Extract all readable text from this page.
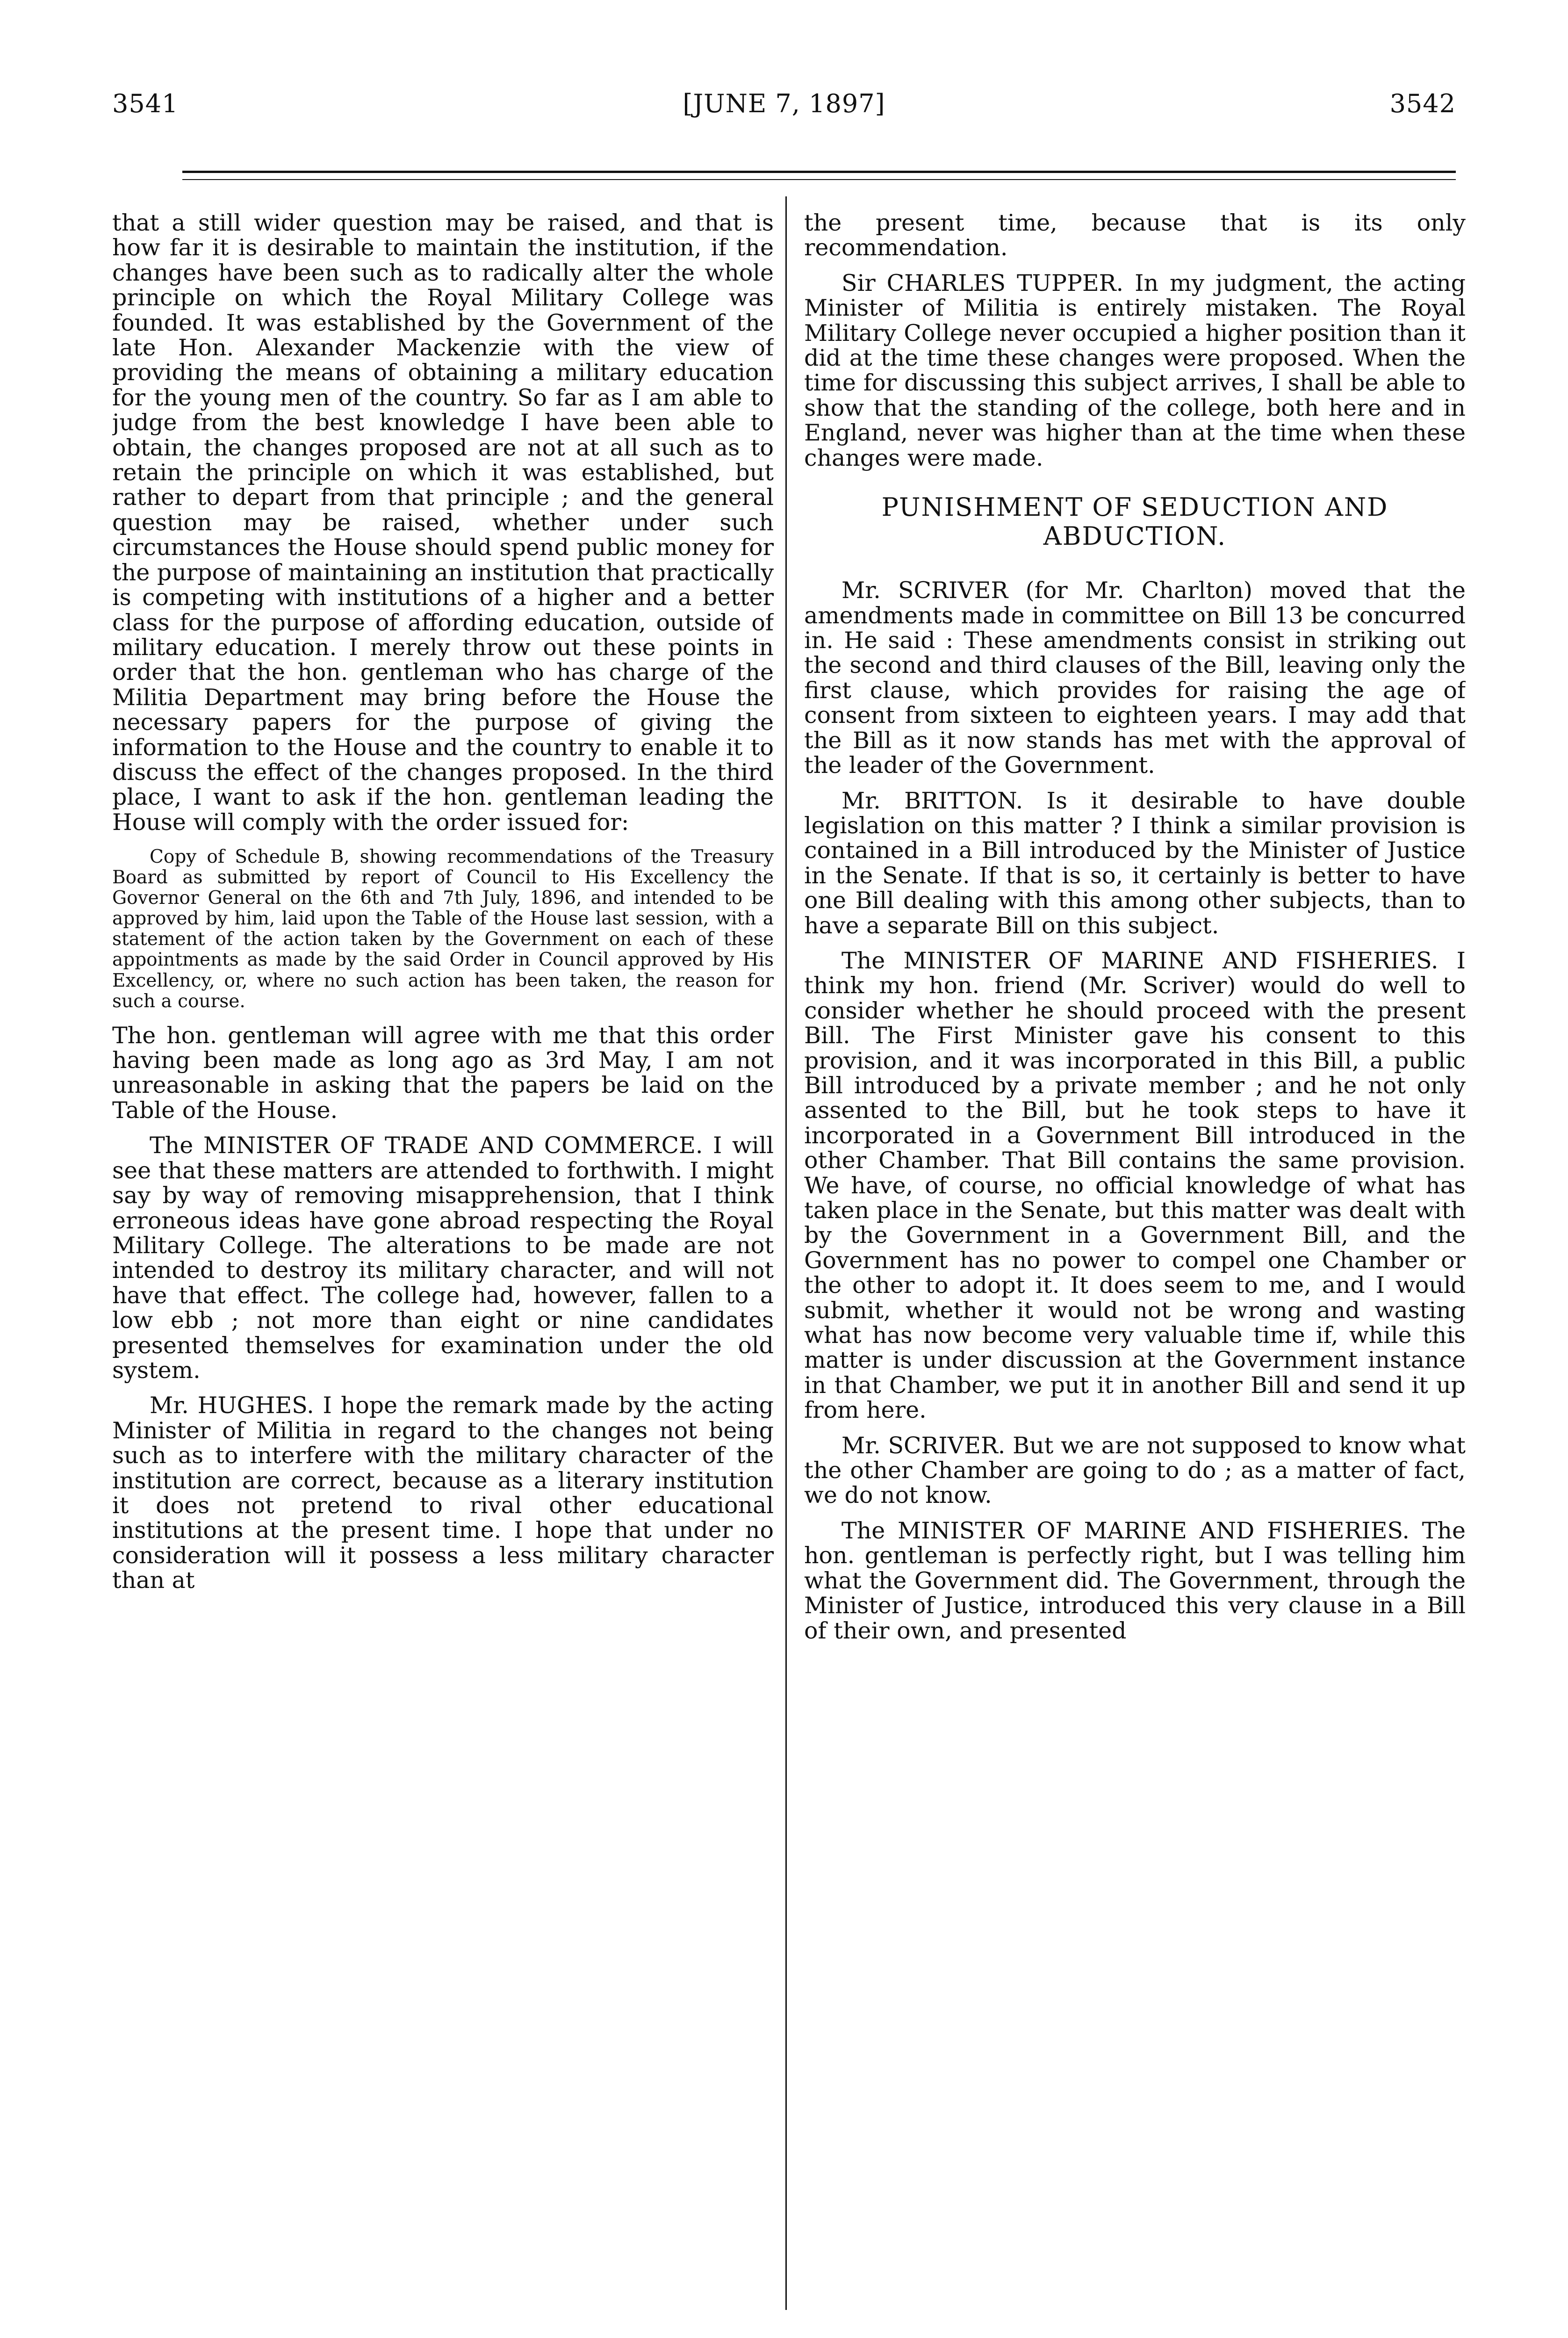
3541	[JUNE 7, 1897]	3542

that a still wider question may be raised, and that is how far it is desirable to maintain the institution, if the changes have been such as to radically alter the whole principle on which the Royal Military College was founded. It was established by the Government of the late Hon. Alexander Mackenzie with the view of providing the means of obtaining a military education for the young men of the country. So far as I am able to judge from the best knowledge I have been able to obtain, the changes proposed are not at all such as to retain the principle on which it was established, but rather to depart from that principle ; and the general question may be raised, whether under such circumstances the House should spend public money for the purpose of maintaining an institution that practically is competing with institutions of a higher and a better class for the purpose of affording education, outside of military education. I merely throw out these points in order that the hon. gentleman who has charge of the Militia Department may bring before the House the necessary papers for the purpose of giving the information to the House and the country to enable it to discuss the effect of the changes proposed. In the third place, I want to ask if the hon. gentleman leading the House will comply with the order issued for:

Copy of Schedule B, showing recommendations of the Treasury Board as submitted by report of Council to His Excellency the Governor General on the 6th and 7th July, 1896, and intended to be approved by him, laid upon the Table of the House last session, with a statement of the action taken by the Government on each of these appointments as made by the said Order in Council approved by His Excellency, or, where no such action has been taken, the reason for such a course.

The hon. gentleman will agree with me that this order having been made as long ago as 3rd May, I am not unreasonable in asking that the papers be laid on the Table of the House.

The MINISTER OF TRADE AND COMMERCE. I will see that these matters are attended to forthwith. I might say by way of removing misapprehension, that I think erroneous ideas have gone abroad respecting the Royal Military College. The alterations to be made are not intended to destroy its military character, and will not have that effect. The college had, however, fallen to a low ebb ; not more than eight or nine candidates presented themselves for examination under the old system.

Mr. HUGHES. I hope the remark made by the acting Minister of Militia in regard to the changes not being such as to interfere with the military character of the institution are correct, because as a literary institution it does not pretend to rival other educational institutions at the present time. I hope that under no consideration will it possess a less military character than at

the present time, because that is its only recommendation.

Sir CHARLES TUPPER. In my judgment, the acting Minister of Militia is entirely mistaken. The Royal Military College never occupied a higher position than it did at the time these changes were proposed. When the time for discussing this subject arrives, I shall be able to show that the standing of the college, both here and in England, never was higher than at the time when these changes were made.

PUNISHMENT OF SEDUCTION AND ABDUCTION.

Mr. SCRIVER (for Mr. Charlton) moved that the amendments made in committee on Bill 13 be concurred in. He said : These amendments consist in striking out the second and third clauses of the Bill, leaving only the first clause, which provides for raising the age of consent from sixteen to eighteen years. I may add that the Bill as it now stands has met with the approval of the leader of the Government.

Mr. BRITTON. Is it desirable to have double legislation on this matter ? I think a similar provision is contained in a Bill introduced by the Minister of Justice in the Senate. If that is so, it certainly is better to have one Bill dealing with this among other subjects, than to have a separate Bill on this subject.

The MINISTER OF MARINE AND FISHERIES. I think my hon. friend (Mr. Scriver) would do well to consider whether he should proceed with the present Bill. The First Minister gave his consent to this provision, and it was incorporated in this Bill, a public Bill introduced by a private member ; and he not only assented to the Bill, but he took steps to have it incorporated in a Government Bill introduced in the other Chamber. That Bill contains the same provision. We have, of course, no official knowledge of what has taken place in the Senate, but this matter was dealt with by the Government in a Government Bill, and the Government has no power to compel one Chamber or the other to adopt it. It does seem to me, and I would submit, whether it would not be wrong and wasting what has now become very valuable time if, while this matter is under discussion at the Government instance in that Chamber, we put it in another Bill and send it up from here.

Mr. SCRIVER. But we are not supposed to know what the other Chamber are going to do ; as a matter of fact, we do not know.

The MINISTER OF MARINE AND FISHERIES. The hon. gentleman is perfectly right, but I was telling him what the Government did. The Government, through the Minister of Justice, introduced this very clause in a Bill of their own, and presented
